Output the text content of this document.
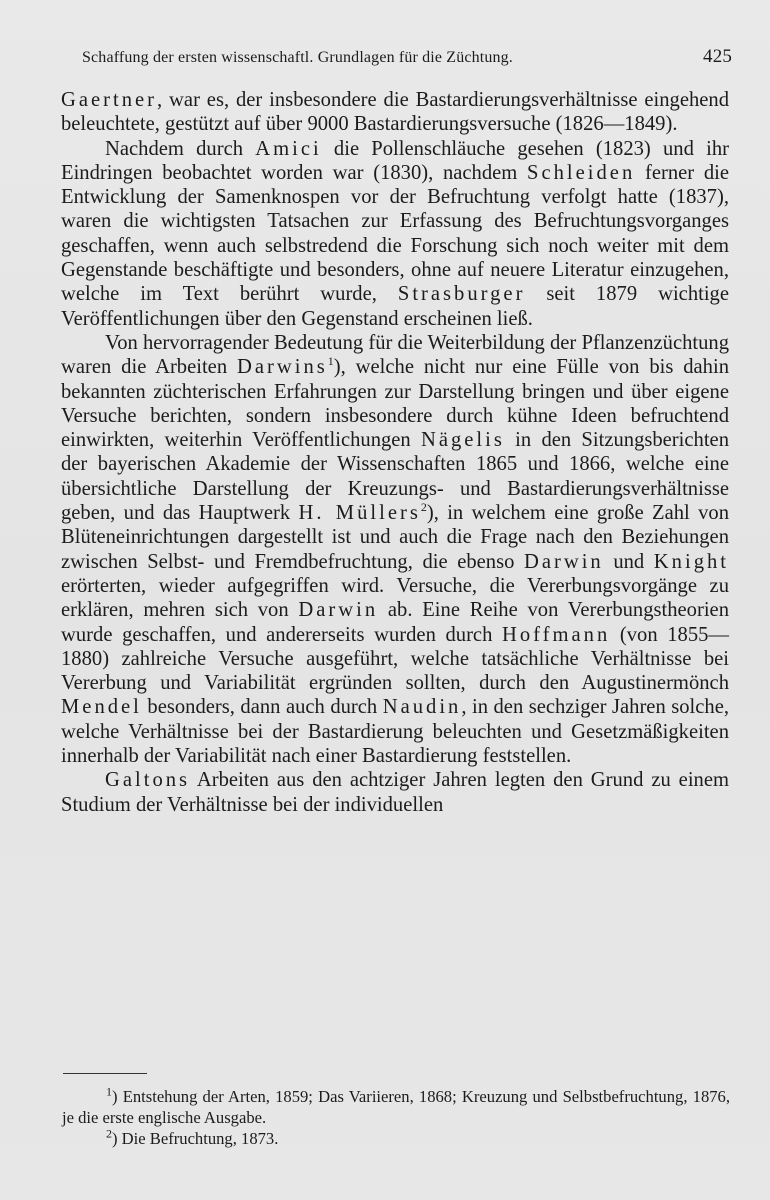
Schaffung der ersten wissenschaftl. Grundlagen für die Züchtung.	425

Gaertner, war es, der insbesondere die Bastardierungsverhältnisse eingehend beleuchtete, gestützt auf über 9000 Bastardierungsversuche (1826—1849).

Nachdem durch Amici die Pollenschläuche gesehen (1823) und ihr Eindringen beobachtet worden war (1830), nachdem Schleiden ferner die Entwicklung der Samenknospen vor der Befruchtung verfolgt hatte (1837), waren die wichtigsten Tatsachen zur Erfassung des Befruchtungsvorganges geschaffen, wenn auch selbstredend die Forschung sich noch weiter mit dem Gegenstande beschäftigte und besonders, ohne auf neuere Literatur einzugehen, welche im Text berührt wurde, Strasburger seit 1879 wichtige Veröffentlichungen über den Gegenstand erscheinen ließ.

Von hervorragender Bedeutung für die Weiterbildung der Pflanzenzüchtung waren die Arbeiten Darwins$^1$), welche nicht nur eine Fülle von bis dahin bekannten züchterischen Erfahrungen zur Darstellung bringen und über eigene Versuche berichten, sondern insbesondere durch kühne Ideen befruchtend einwirkten, weiterhin Veröffentlichungen Nägelis in den Sitzungsberichten der bayerischen Akademie der Wissenschaften 1865 und 1866, welche eine übersichtliche Darstellung der Kreuzungs- und Bastardierungsverhältnisse geben, und das Hauptwerk H. Müllers$^2$), in welchem eine große Zahl von Blüteneinrichtungen dargestellt ist und auch die Frage nach den Beziehungen zwischen Selbst- und Fremdbefruchtung, die ebenso Darwin und Knight erörterten, wieder aufgegriffen wird. Versuche, die Vererbungsvorgänge zu erklären, mehren sich von Darwin ab. Eine Reihe von Vererbungstheorien wurde geschaffen, und andererseits wurden durch Hoffmann (von 1855—1880) zahlreiche Versuche ausgeführt, welche tatsächliche Verhältnisse bei Vererbung und Variabilität ergründen sollten, durch den Augustinermönch Mendel besonders, dann auch durch Naudin, in den sechziger Jahren solche, welche Verhältnisse bei der Bastardierung beleuchten und Gesetzmäßigkeiten innerhalb der Variabilität nach einer Bastardierung feststellen.

Galtons Arbeiten aus den achtziger Jahren legten den Grund zu einem Studium der Verhältnisse bei der individuellen

$^1$) Entstehung der Arten, 1859; Das Variieren, 1868; Kreuzung und Selbstbefruchtung, 1876, je die erste englische Ausgabe.

$^2$) Die Befruchtung, 1873.
